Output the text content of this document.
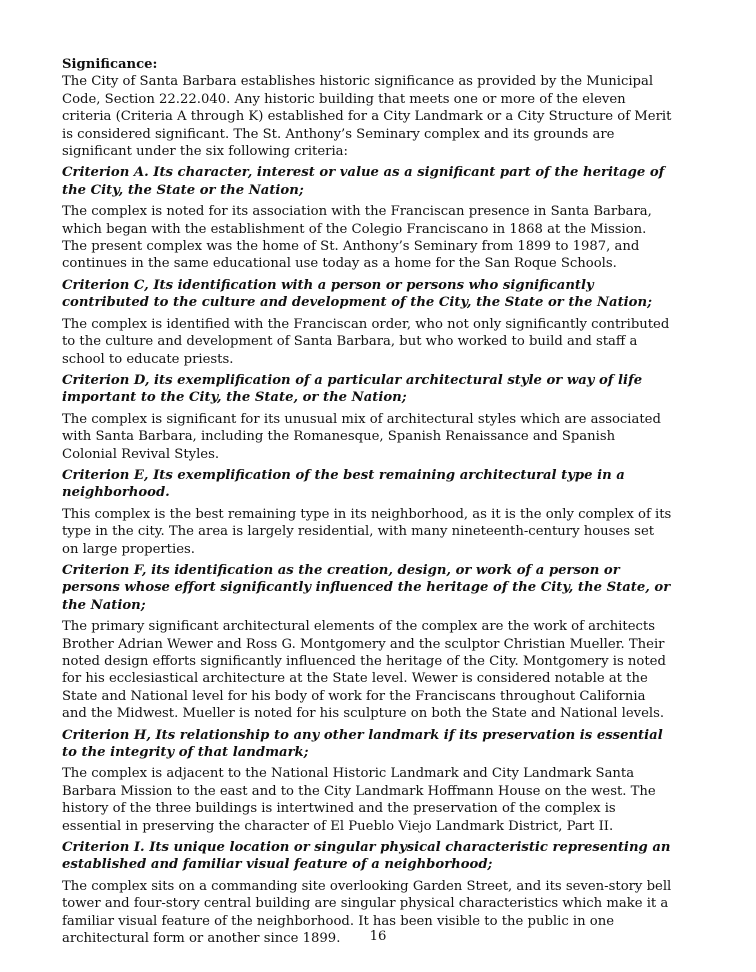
Significance:

The City of Santa Barbara establishes historic significance as provided by the Municipal Code, Section 22.22.040. Any historic building that meets one or more of the eleven criteria (Criteria A through K) established for a City Landmark or a City Structure of Merit is considered significant. The St. Anthony’s Seminary complex and its grounds are significant under the six following criteria:

Criterion A. Its character, interest or value as a significant part of the heritage of the City, the State or the Nation;

The complex is noted for its association with the Franciscan presence in Santa Barbara, which began with the establishment of the Colegio Franciscano in 1868 at the Mission. The present complex was the home of St. Anthony’s Seminary from 1899 to 1987, and continues in the same educational use today as a home for the San Roque Schools.

Criterion C, Its identification with a person or persons who significantly contributed to the culture and development of the City, the State or the Nation;

The complex is identified with the Franciscan order, who not only significantly contributed to the culture and development of Santa Barbara, but who worked to build and staff a school to educate priests.

Criterion D, its exemplification of a particular architectural style or way of life important to the City, the State, or the Nation;

The complex is significant for its unusual mix of architectural styles which are associated with Santa Barbara, including the Romanesque, Spanish Renaissance and Spanish Colonial Revival Styles.

Criterion E, Its exemplification of the best remaining architectural type in a neighborhood.

This complex is the best remaining type in its neighborhood, as it is the only complex of its type in the city. The area is largely residential, with many nineteenth-century houses set on large properties.

Criterion F, its identification as the creation, design, or work of a person or persons whose effort significantly influenced the heritage of the City, the State, or the Nation;

The primary significant architectural elements of the complex are the work of architects Brother Adrian Wewer and Ross G. Montgomery and the sculptor Christian Mueller. Their noted design efforts significantly influenced the heritage of the City. Montgomery is noted for his ecclesiastical architecture at the State level. Wewer is considered notable at the State and National level for his body of work for the Franciscans throughout California and the Midwest. Mueller is noted for his sculpture on both the State and National levels.

Criterion H, Its relationship to any other landmark if its preservation is essential to the integrity of that landmark;

The complex is adjacent to the National Historic Landmark and City Landmark Santa Barbara Mission to the east and to the City Landmark Hoffmann House on the west. The history of the three buildings is intertwined and the preservation of the complex is essential in preserving the character of El Pueblo Viejo Landmark District, Part II.

Criterion I. Its unique location or singular physical characteristic representing an established and familiar visual feature of a neighborhood;

The complex sits on a commanding site overlooking Garden Street, and its seven-story bell tower and four-story central building are singular physical characteristics which make it a familiar visual feature of the neighborhood. It has been visible to the public in one architectural form or another since 1899.	16
